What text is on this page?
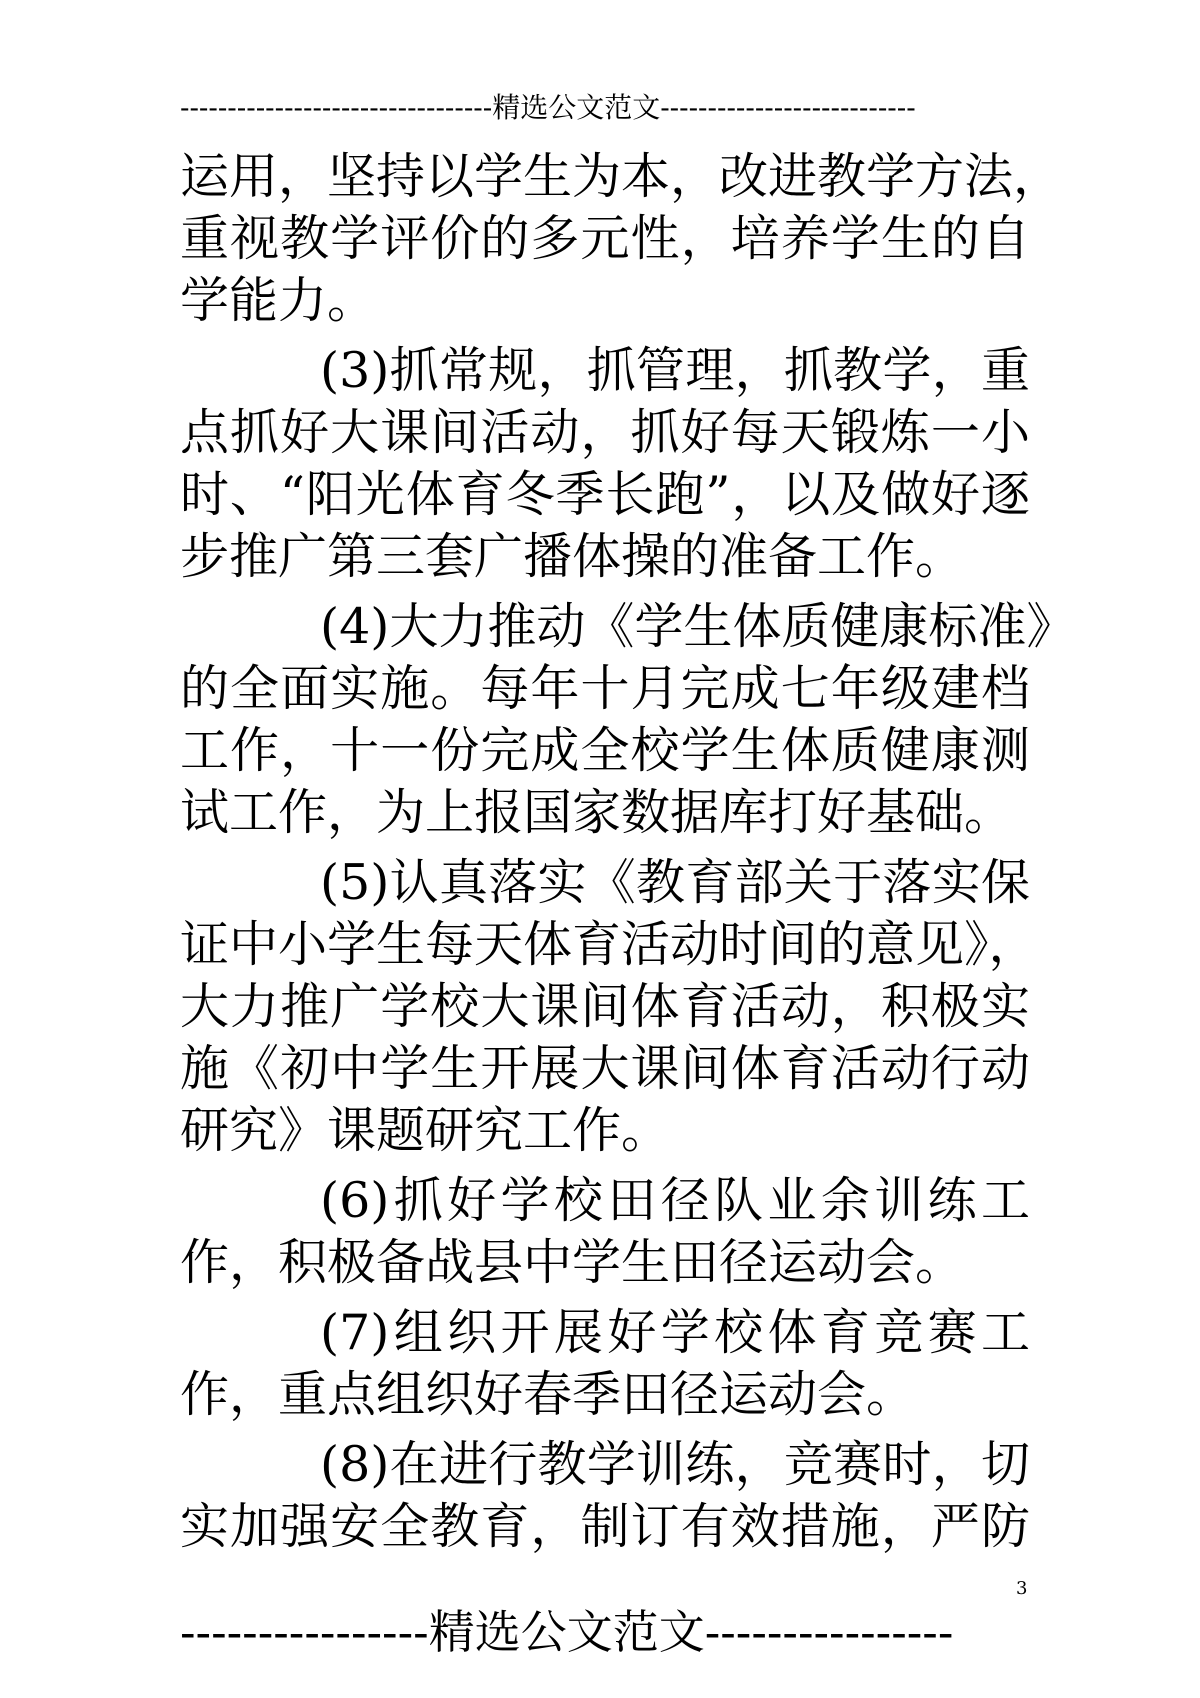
---------------------------------精选公文范文---------------------------
运用，坚持以学生为本，改进教学方法，
重视教学评价的多元性，培养学生的自
学能力。
(3)抓常规，抓管理，抓教学，重
点抓好大课间活动，抓好每天锻炼一小
时、“阳光体育冬季长跑”，以及做好逐
步推广第三套广播体操的准备工作。
(4)大力推动《学生体质健康标准》
的全面实施。每年十月完成七年级建档
工作，十一份完成全校学生体质健康测
试工作，为上报国家数据库打好基础。
(5)认真落实《教育部关于落实保
证中小学生每天体育活动时间的意见》，
大力推广学校大课间体育活动，积极实
施《初中学生开展大课间体育活动行动
研究》课题研究工作。
(6)抓好学校田径队业余训练工
作，积极备战县中学生田径运动会。
(7)组织开展好学校体育竞赛工
作，重点组织好春季田径运动会。
(8)在进行教学训练，竞赛时，切
实加强安全教育，制订有效措施，严防
3
----------------精选公文范文----------------
